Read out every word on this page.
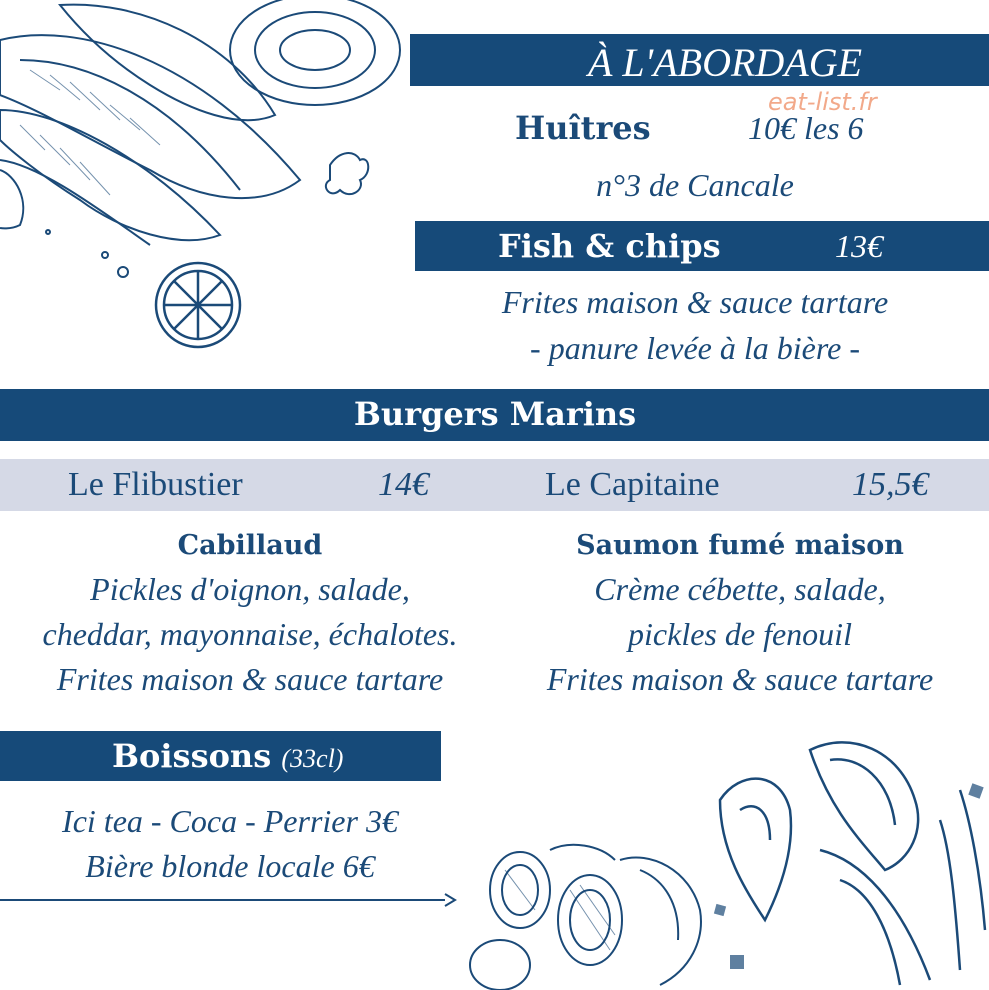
À L'ABORDAGE
eat-list.fr
Huîtres	10€ les 6
n°3 de Cancale
Fish & chips	13€
Frites maison & sauce tartare
- panure levée à la bière -
Burgers Marins
Le Flibustier	14€	Le Capitaine	15,5€
Cabillaud
Pickles d'oignon, salade,
cheddar, mayonnaise, échalotes.
Frites maison & sauce tartare
Saumon fumé maison
Crème cébette, salade,
pickles de fenouil
Frites maison & sauce tartare
Boissons (33cl)
Ici tea - Coca - Perrier 3€
Bière blonde locale 6€
